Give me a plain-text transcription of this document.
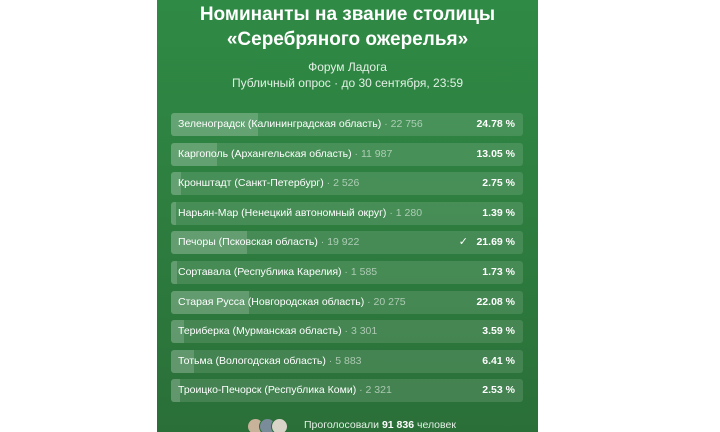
Номинанты на звание столицы
«Серебряного ожерелья»
Форум Ладога
Публичный опрос · до 30 сентября, 23:59
Зеленоградск (Калининградская область) · 22 756	24.78 %
Каргополь (Архангельская область) · 11 987	13.05 %
Кронштадт (Санкт-Петербург) · 2 526	2.75 %
Нарьян-Мар (Ненецкий автономный округ) · 1 280	1.39 %
Печоры (Псковская область) · 19 922	✓ 21.69 %
Сортавала (Республика Карелия) · 1 585	1.73 %
Старая Русса (Новгородская область) · 20 275	22.08 %
Териберка (Мурманская область) · 3 301	3.59 %
Тотьма (Вологодская область) · 5 883	6.41 %
Троицко-Печорск (Республика Коми) · 2 321	2.53 %
Проголосовали 91 836 человек
